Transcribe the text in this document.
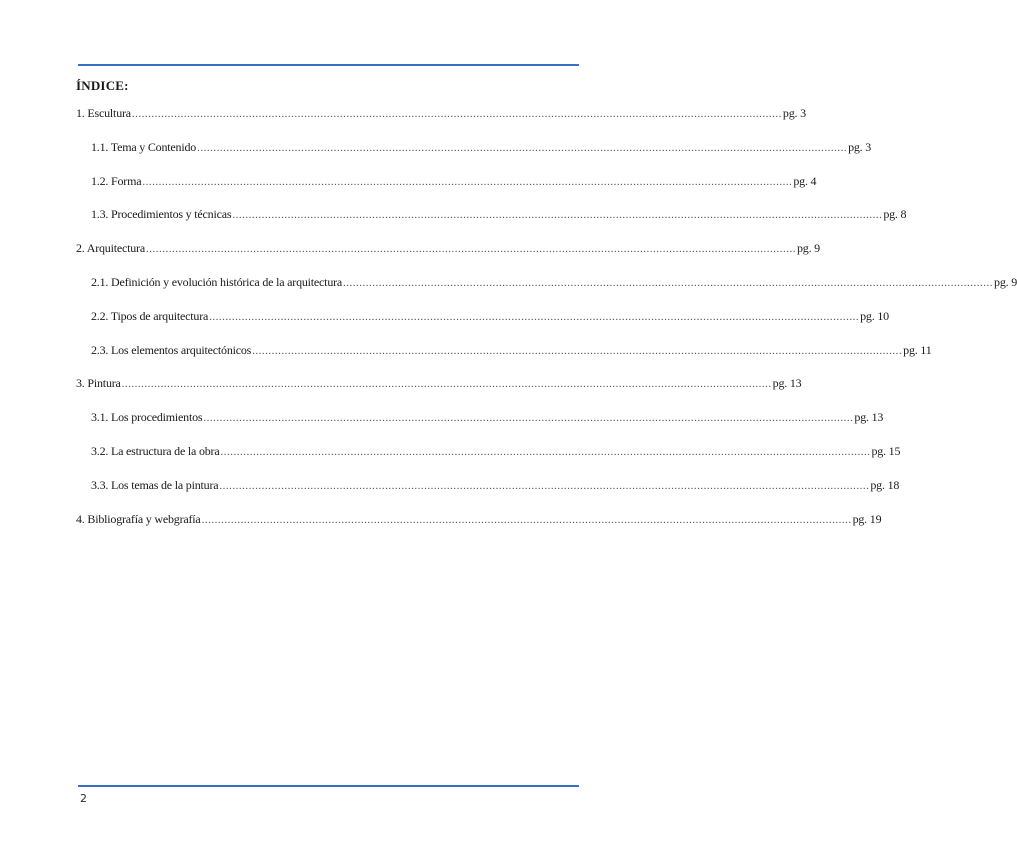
ÍNDICE:
1. Escultura ........................................................................................................................................................................................................ pg. 3
1.1. Tema y Contenido ........................................................................................................................................................................................................ pg. 3
1.2. Forma ........................................................................................................................................................................................................ pg. 4
1.3. Procedimientos y técnicas ........................................................................................................................................................................................................ pg. 8
2. Arquitectura ........................................................................................................................................................................................................ pg. 9
2.1. Definición y evolución histórica de la arquitectura ........................................................................................................................................................................................................ pg. 9
2.2. Tipos de arquitectura ........................................................................................................................................................................................................ pg. 10
2.3. Los elementos arquitectónicos ........................................................................................................................................................................................................ pg. 11
3. Pintura ........................................................................................................................................................................................................ pg. 13
3.1. Los procedimientos ........................................................................................................................................................................................................ pg. 13
3.2. La estructura de la obra ........................................................................................................................................................................................................ pg. 15
3.3. Los temas de la pintura ........................................................................................................................................................................................................ pg. 18
4. Bibliografía y webgrafía ........................................................................................................................................................................................................ pg. 19
2
